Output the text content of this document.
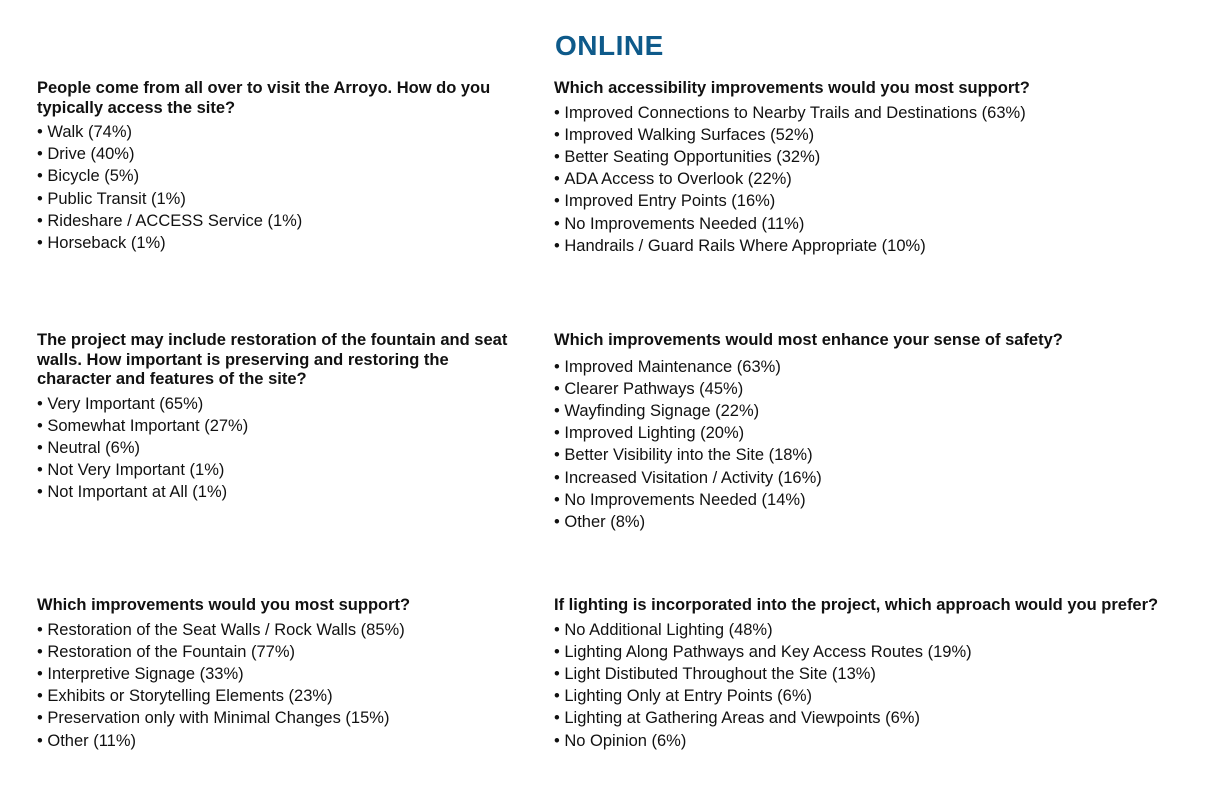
ONLINE
People come from all over to visit the Arroyo. How do you typically access the site?
• Walk (74%)
• Drive (40%)
• Bicycle (5%)
• Public Transit (1%)
• Rideshare / ACCESS Service (1%)
• Horseback (1%)
Which accessibility improvements would you most support?
• Improved Connections to Nearby Trails and Destinations (63%)
• Improved Walking Surfaces (52%)
• Better Seating Opportunities (32%)
• ADA Access to Overlook (22%)
• Improved Entry Points (16%)
• No Improvements Needed (11%)
• Handrails / Guard Rails Where Appropriate (10%)
The project may include restoration of the fountain and seat walls. How important is preserving and restoring the character and features of the site?
• Very Important (65%)
• Somewhat Important (27%)
• Neutral (6%)
• Not Very Important (1%)
• Not Important at All (1%)
Which improvements would most enhance your sense of safety?
• Improved Maintenance (63%)
• Clearer Pathways (45%)
• Wayfinding Signage (22%)
• Improved Lighting (20%)
• Better Visibility into the Site (18%)
• Increased Visitation / Activity (16%)
• No Improvements Needed (14%)
• Other (8%)
Which improvements would you most support?
• Restoration of the Seat Walls / Rock Walls (85%)
• Restoration of the Fountain (77%)
• Interpretive Signage (33%)
• Exhibits or Storytelling Elements (23%)
• Preservation only with Minimal Changes (15%)
• Other (11%)
If lighting is incorporated into the project, which approach would you prefer?
• No Additional Lighting (48%)
• Lighting Along Pathways and Key Access Routes (19%)
• Light Distibuted Throughout the Site (13%)
• Lighting Only at Entry Points (6%)
• Lighting at Gathering Areas and Viewpoints (6%)
• No Opinion (6%)
